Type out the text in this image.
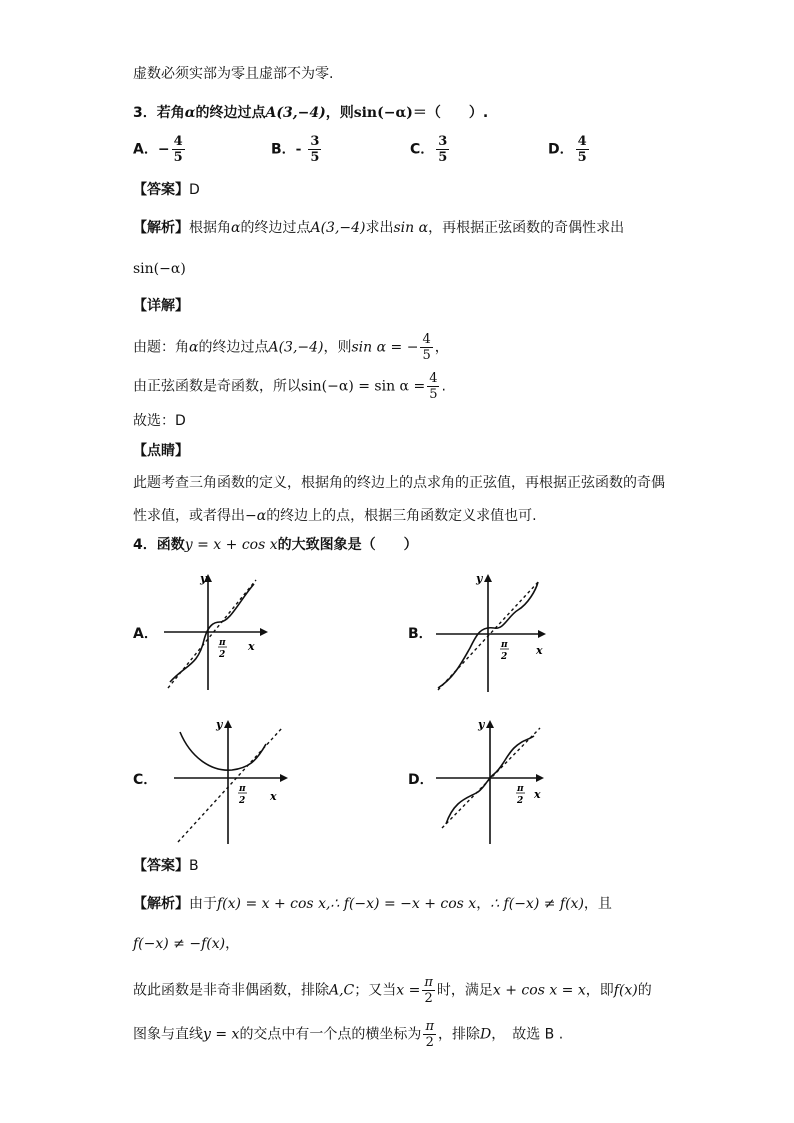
虚数必须实部为零且虚部不为零.
3．若角α的终边过点A(3,−4)，则sin(−α)＝（　　）.
A．− $\frac{4}{5}$	B．- $\frac{3}{5}$	C． $\frac{3}{5}$	D． $\frac{4}{5}$
【答案】D
【解析】根据角α的终边过点A(3,−4)求出sin α，再根据正弦函数的奇偶性求出
sin(−α)
【详解】
由题：角α的终边过点A(3,−4)，则sin α = − $\frac{4}{5}$ ，
由正弦函数是奇函数，所以$\sin(-\alpha) = \sin \alpha = \frac{4}{5}$ .
故选：D
【点睛】
此题考查三角函数的定义，根据角的终边上的点求角的正弦值，再根据正弦函数的奇偶
性求值，或者得出−α的终边上的点，根据三角函数定义求值也可.
4．函数y = x + cos x的大致图象是（　　）
A．	B．
C．	D．
y
x
π
2
y
x
π
2
y
x
π
2
y
x
π
2
【答案】B
【解析】由于f(x) = x + cos x,∴ f(−x) = −x + cos x，∴ f(−x) ≠ f(x)，且
f(−x) ≠ −f(x)，
故此函数是非奇非偶函数，排除A,C；又当$x = \frac{\pi}{2}$ 时，满足x + cos x = x，即f(x)的
图象与直线y = x的交点中有一个点的横坐标为 $\frac{\pi}{2}$ ，排除D，　故选 B .
